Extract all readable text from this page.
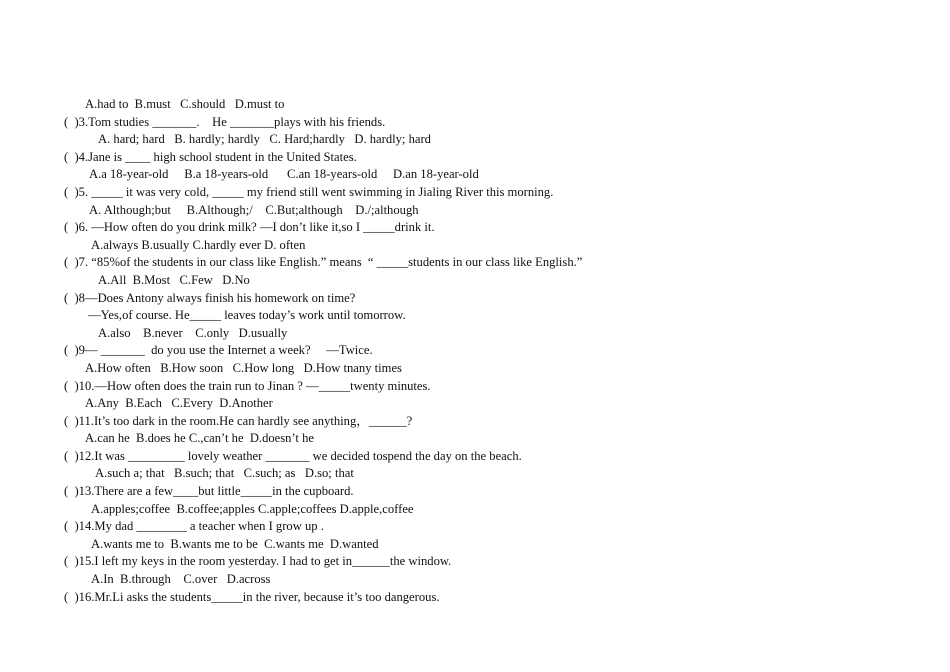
A.had to  B.must   C.should   D.must to
(  )3.Tom studies _______.    He _______plays with his friends.
A. hard; hard   B. hardly; hardly   C. Hard;hardly   D. hardly; hard
(  )4.Jane is ____ high school student in the United States.
A.a 18-year-old     B.a 18-years-old      C.an 18-years-old     D.an 18-year-old
(  )5. _____ it was very cold, _____ my friend still went swimming in Jialing River this morning.
A. Although;but     B.Although;/    C.But;although    D./;although
(  )6. —How often do you drink milk? —I don’t like it,so I _____drink it.
A.always B.usually C.hardly ever D. often
(  )7. “85%of the students in our class like English.” means  “ _____students in our class like English.”
A.All  B.Most   C.Few   D.No
(  )8—Does Antony always finish his homework on time?
—Yes,of course. He_____ leaves today’s work until tomorrow.
A.also    B.never    C.only   D.usually
(  )9— _______  do you use the Internet a week?     —Twice.
A.How often   B.How soon   C.How long   D.How tnany times
(  )10.—How often does the train run to Jinan ? —_____twenty minutes.
A.Any  B.Each   C.Every  D.Another
(  )11.It’s too dark in the room.He can hardly see anything，______?
A.can he  B.does he C.,can’t he  D.doesn’t he
(  )12.It was _________ lovely weather _______ we decided tospend the day on the beach.
A.such a; that   B.such; that   C.such; as   D.so; that
(  )13.There are a few____but little_____in the cupboard.
A.apples;coffee  B.coffee;apples C.apple;coffees D.apple,coffee
(  )14.My dad ________ a teacher when I grow up .
A.wants me to  B.wants me to be  C.wants me  D.wanted
(  )15.I left my keys in the room yesterday. I had to get in______the window.
A.In  B.through    C.over   D.across
(  )16.Mr.Li asks the students_____in the river, because it’s too dangerous.
